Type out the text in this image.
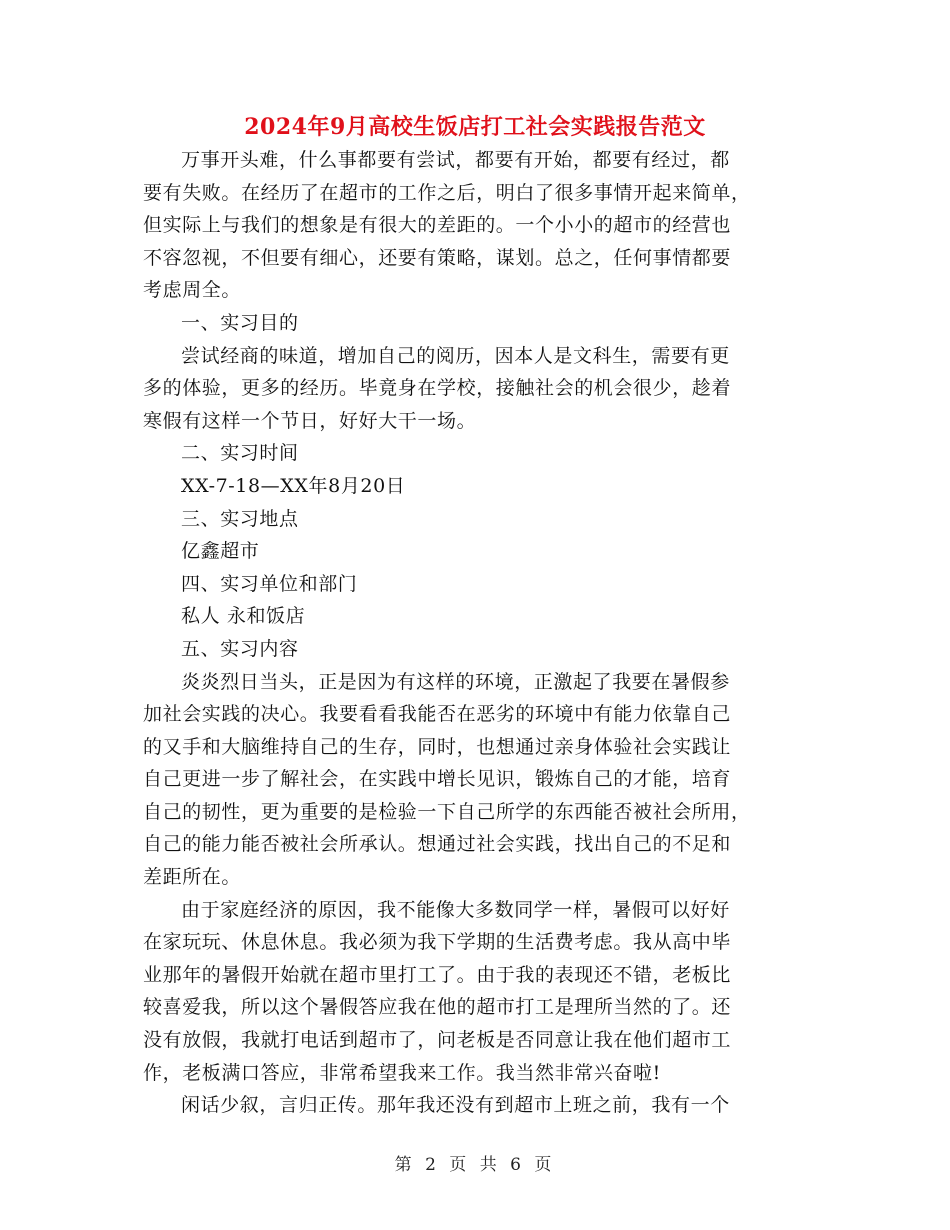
2024年9月高校生饭店打工社会实践报告范文

万事开头难，什么事都要有尝试，都要有开始，都要有经过，都
要有失败。在经历了在超市的工作之后，明白了很多事情开起来简单，
但实际上与我们的想象是有很大的差距的。一个小小的超市的经营也
不容忽视，不但要有细心，还要有策略，谋划。总之，任何事情都要
考虑周全。

一、实习目的

尝试经商的味道，增加自己的阅历，因本人是文科生，需要有更
多的体验，更多的经历。毕竟身在学校，接触社会的机会很少，趁着
寒假有这样一个节日，好好大干一场。

二、实习时间

XX-7-18—XX年8月20日

三、实习地点

亿鑫超市

四、实习单位和部门

私人 永和饭店

五、实习内容

炎炎烈日当头，正是因为有这样的环境，正激起了我要在暑假参
加社会实践的决心。我要看看我能否在恶劣的环境中有能力依靠自己
的又手和大脑维持自己的生存，同时，也想通过亲身体验社会实践让
自己更进一步了解社会，在实践中增长见识，锻炼自己的才能，培育
自己的韧性，更为重要的是检验一下自己所学的东西能否被社会所用，
自己的能力能否被社会所承认。想通过社会实践，找出自己的不足和
差距所在。

由于家庭经济的原因，我不能像大多数同学一样，暑假可以好好
在家玩玩、休息休息。我必须为我下学期的生活费考虑。我从高中毕
业那年的暑假开始就在超市里打工了。由于我的表现还不错，老板比
较喜爱我，所以这个暑假答应我在他的超市打工是理所当然的了。还
没有放假，我就打电话到超市了，问老板是否同意让我在他们超市工
作，老板满口答应，非常希望我来工作。我当然非常兴奋啦!

闲话少叙，言归正传。那年我还没有到超市上班之前，我有一个

第 2 页 共 6 页
